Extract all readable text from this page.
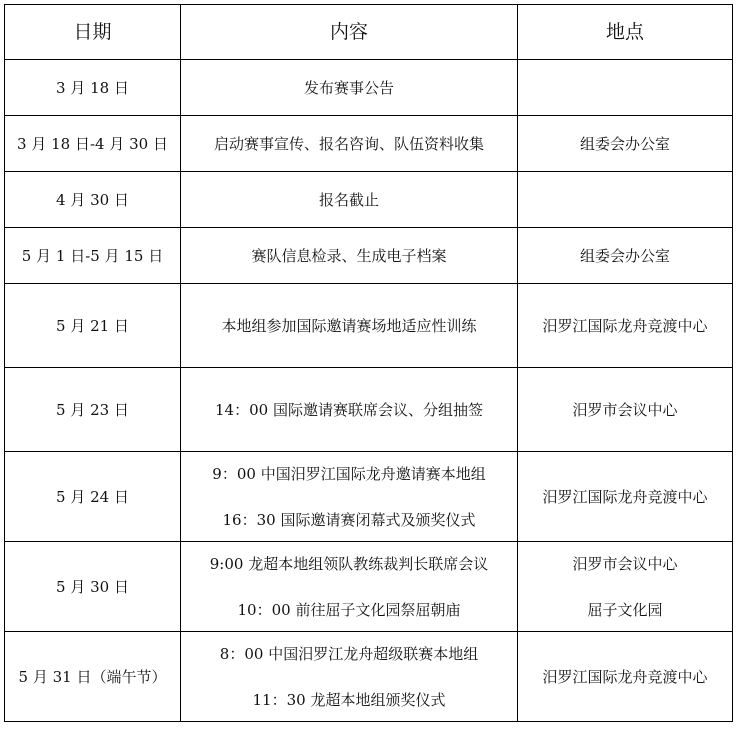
日期	内容	地点
3 月 18 日	发布赛事公告	

3 月 18 日-4 月 30 日	启动赛事宣传、报名咨询、队伍资料收集	组委会办公室

4 月 30 日	报名截止	

5 月 1 日-5 月 15 日	赛队信息检录、生成电子档案	组委会办公室

5 月 21 日	本地组参加国际邀请赛场地适应性训练	汨罗江国际龙舟竞渡中心

5 月 23 日	14：00 国际邀请赛联席会议、分组抽签	汨罗市会议中心

5 月 24 日	9：00 中国汨罗江国际龙舟邀请赛本地组
16：30 国际邀请赛闭幕式及颁奖仪式	汨罗江国际龙舟竞渡中心

5 月 30 日	9:00 龙超本地组领队教练裁判长联席会议
10：00 前往屈子文化园祭屈朝庙	汨罗市会议中心
屈子文化园

5 月 31 日（端午节）	8：00 中国汨罗江龙舟超级联赛本地组
11：30 龙超本地组颁奖仪式	汨罗江国际龙舟竞渡中心
